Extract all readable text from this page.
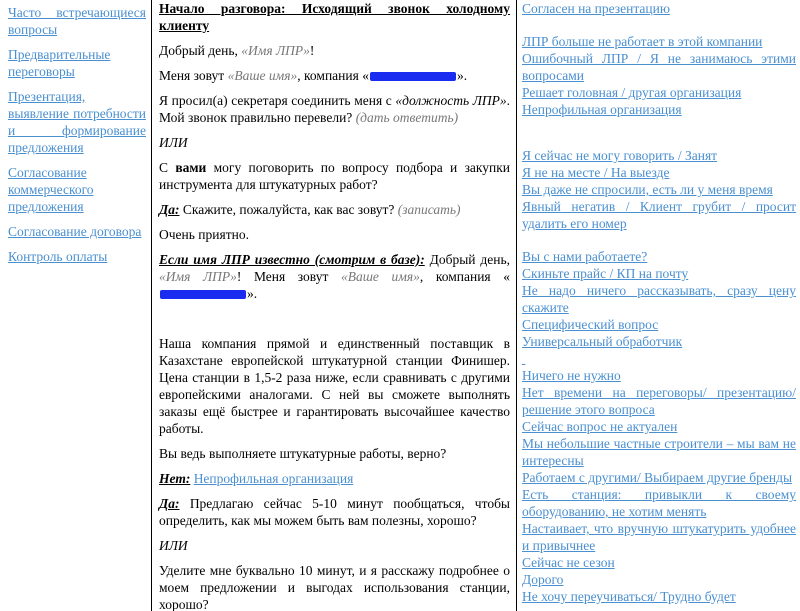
Часто встречающиеся вопросы
Предварительные переговоры
Презентация, выявление потребности и формирование предложения
Согласование коммерческого предложения
Согласование договора
Контроль оплаты

Начало разговора: Исходящий звонок холодному клиенту

Добрый день, «Имя ЛПР»!

Меня зовут «Ваше имя», компания «	».

Я просил(а) секретаря соединить меня с «должность ЛПР». Мой звонок правильно перевели? (дать ответить)

ИЛИ

С вами могу поговорить по вопросу подбора и закупки инструмента для штукатурных работ?

Да: Скажите, пожалуйста, как вас зовут? (записать)

Очень приятно.

Если имя ЛПР известно (смотрим в базе): Добрый день, «Имя ЛПР»! Меня зовут «Ваше имя», компания «».

Наша компания прямой и единственный поставщик в Казахстане европейской штукатурной станции Финишер. Цена станции в 1,5-2 раза ниже, если сравнивать с другими европейскими аналогами. С ней вы сможете выполнять заказы ещё быстрее и гарантировать высочайшее качество работы.

Вы ведь выполняете штукатурные работы, верно?

Нет: Непрофильная организация

Да: Предлагаю сейчас 5-10 минут пообщаться, чтобы определить, как мы можем быть вам полезны, хорошо?

ИЛИ

Уделите мне буквально 10 минут, и я расскажу подробнее о моем предложении и выгодах использования станции, хорошо?

Согласен на презентацию
ЛПР больше не работает в этой компании
Ошибочный ЛПР / Я не занимаюсь этими вопросами
Решает головная / другая организация
Непрофильная организация
Я сейчас не могу говорить / Занят
Я не на месте / На выезде
Вы даже не спросили, есть ли у меня время
Явный негатив / Клиент грубит / просит удалить его номер
Вы с нами работаете?
Скиньте прайс / КП на почту
Не надо ничего рассказывать, сразу цену скажите
Специфический вопрос
Универсальный обработчик

Ничего не нужно
Нет времени на переговоры/ презентацию/ решение этого вопроса
Сейчас вопрос не актуален
Мы небольшие частные строители – мы вам не интересны
Работаем с другими/ Выбираем другие бренды
Есть станция: привыкли к своему оборудованию, не хотим менять
Настаивает, что вручную штукатурить удобнее и привычнее
Сейчас не сезон
Дорого
Не хочу переучиваться/ Трудно будет
